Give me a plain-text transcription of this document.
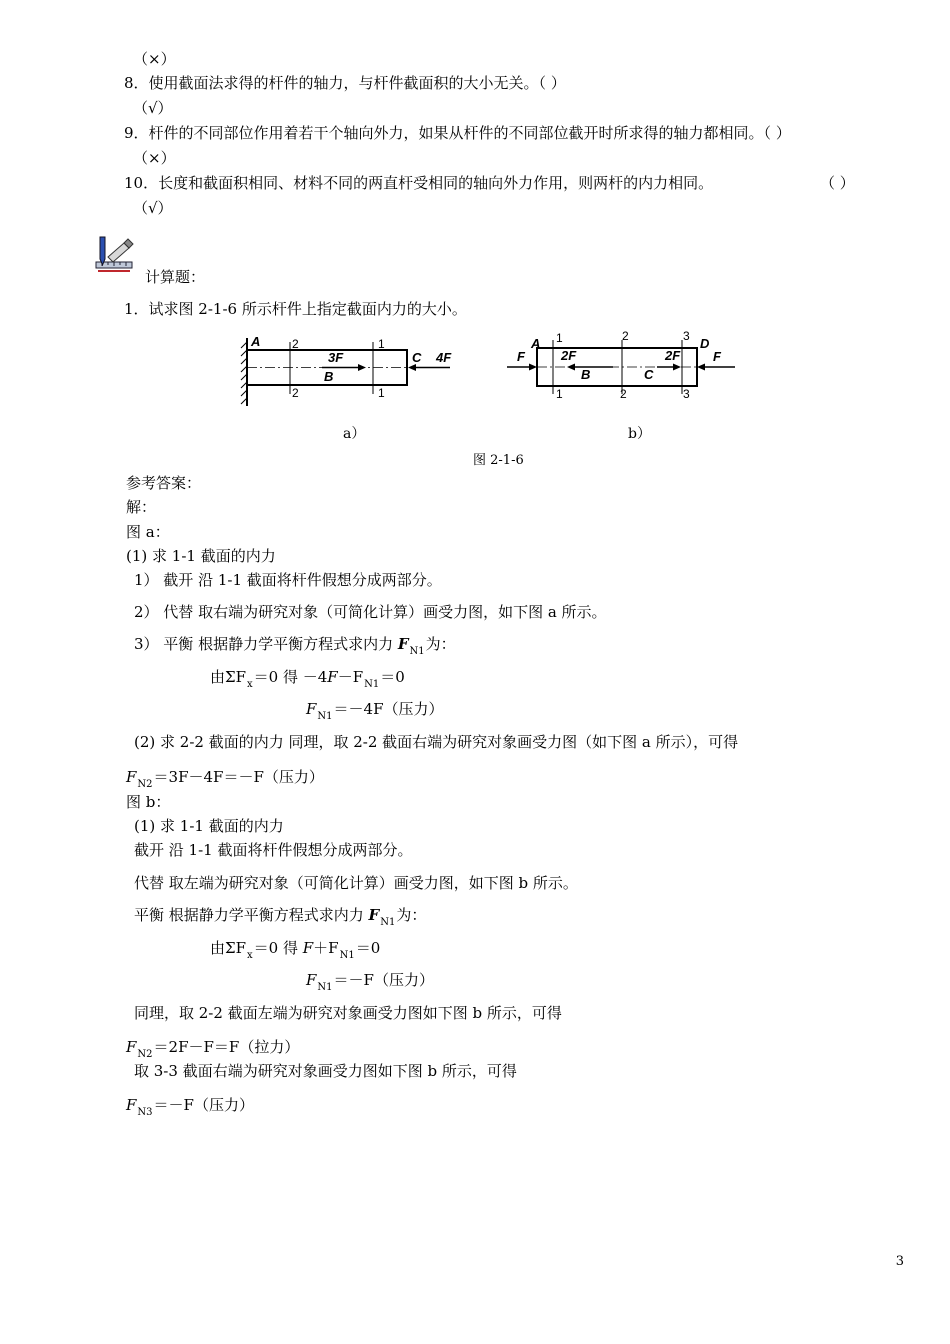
（×）
8．使用截面法求得的杆件的轴力，与杆件截面积的大小无关。（ ）
（√）
9．杆件的不同部位作用着若干个轴向外力，如果从杆件的不同部位截开时所求得的轴力都相同。（ ）
（×）
10．长度和截面积相同、材料不同的两直杆受相同的轴向外力作用，则两杆的内力相同。	（ ）
（√）
计算题：
1．试求图 2-1-6 所示杆件上指定截面内力的大小。
A	2
2
1
1
3F
B
C 4F	F
A 1
1
2F
B
2
2
C
2F
3
3
D
F
a）	b）
图 2-1-6
参考答案：
解：
图 a：
(1) 求 1-1 截面的内力
1） 截开 沿 1-1 截面将杆件假想分成两部分。
2） 代替 取右端为研究对象（可简化计算）画受力图，如下图 a 所示。
3） 平衡 根据静力学平衡方程式求内力 $F_{N1}$为：
由$\Sigma F_x=0$ 得 $-4F-F_{N1}=0$
$F_{N1}=-4F$（压力）
(2) 求 2-2 截面的内力 同理，取 2-2 截面右端为研究对象画受力图（如下图 a 所示），可得
$F_{N2}=3F-4F=-F$（压力）
图 b：
(1) 求 1-1 截面的内力
截开 沿 1-1 截面将杆件假想分成两部分。
代替 取左端为研究对象（可简化计算）画受力图，如下图 b 所示。
平衡 根据静力学平衡方程式求内力 $F_{N1}$为：
由$\Sigma F_x=0$ 得 $F+F_{N1}=0$
$F_{N1}=-F$（压力）
同理，取 2-2 截面左端为研究对象画受力图如下图 b 所示，可得
$F_{N2}=2F-F=F$（拉力）
取 3-3 截面右端为研究对象画受力图如下图 b 所示，可得
$F_{N3}=-F$（压力）
3
